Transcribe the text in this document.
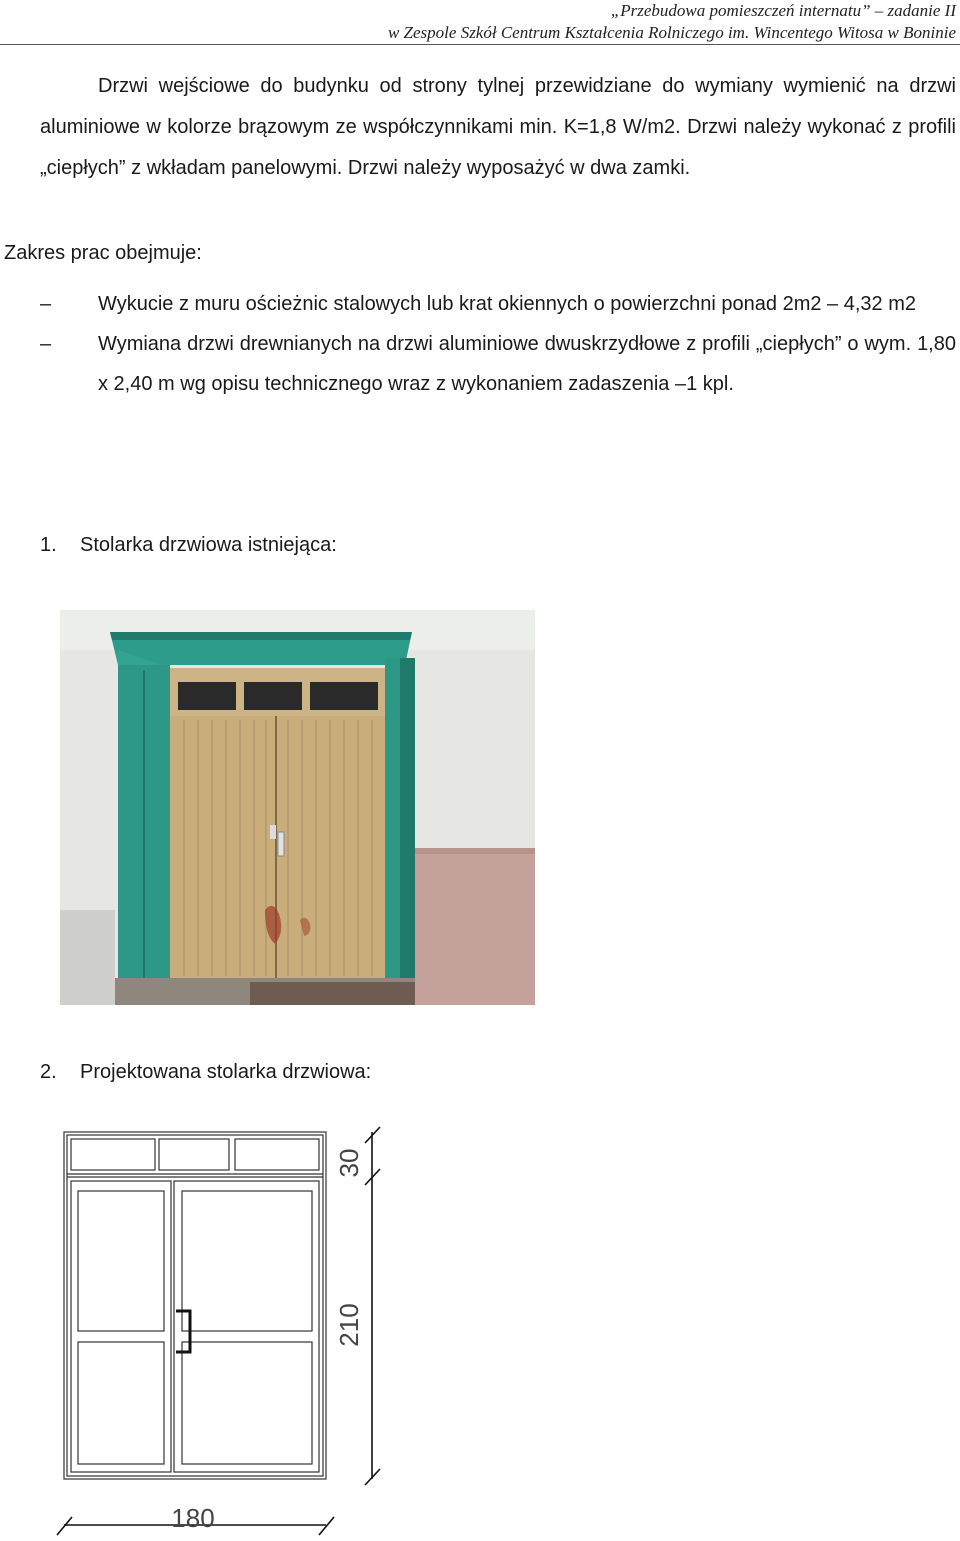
„Przebudowa pomieszczeń internatu” – zadanie II
w Zespole Szkół Centrum Kształcenia Rolniczego im. Wincentego Witosa w Boninie
Drzwi wejściowe do budynku od strony tylnej przewidziane do wymiany wymienić na drzwi aluminiowe w kolorze brązowym ze współczynnikami min. K=1,8 W/m2. Drzwi należy wykonać z profili „ciepłych” z wkładam panelowymi. Drzwi należy wyposażyć w dwa zamki.
Zakres prac obejmuje:
–	Wykucie z muru ościeżnic stalowych lub krat okiennych o powierzchni ponad 2m2 – 4,32 m2
–	Wymiana drzwi drewnianych na drzwi aluminiowe dwuskrzydłowe z profili „ciepłych” o wym. 1,80 x 2,40 m wg opisu technicznego wraz z wykonaniem zadaszenia –1 kpl.
1. Stolarka drzwiowa istniejąca:
2. Projektowana stolarka drzwiowa:
30
210
180
